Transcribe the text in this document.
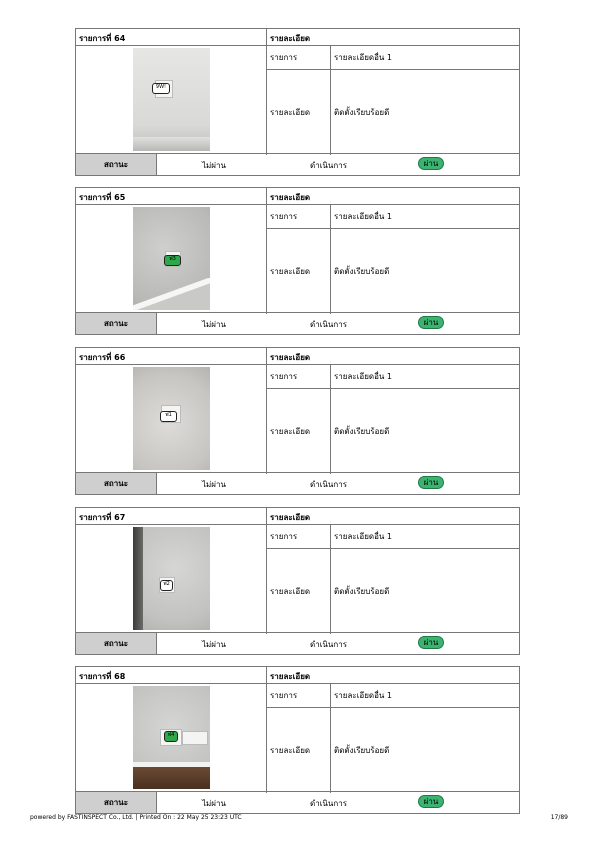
รายการที่ 64	รายละเอียด
9W!
รายการ	รายละเอียดอื่น 1
รายละเอียด	ติดตั้งเรียบร้อยดี
สถานะ	ไม่ผ่าน	ดำเนินการ	ผ่าน
รายการที่ 65	รายละเอียด
ฟ3
รายการ	รายละเอียดอื่น 1
รายละเอียด	ติดตั้งเรียบร้อยดี
สถานะ	ไม่ผ่าน	ดำเนินการ	ผ่าน
รายการที่ 66	รายละเอียด
ฟ1
รายการ	รายละเอียดอื่น 1
รายละเอียด	ติดตั้งเรียบร้อยดี
สถานะ	ไม่ผ่าน	ดำเนินการ	ผ่าน
รายการที่ 67	รายละเอียด
ฟ2
รายการ	รายละเอียดอื่น 1
รายละเอียด	ติดตั้งเรียบร้อยดี
สถานะ	ไม่ผ่าน	ดำเนินการ	ผ่าน
รายการที่ 68	รายละเอียด
ฟ4
รายการ	รายละเอียดอื่น 1
รายละเอียด	ติดตั้งเรียบร้อยดี
สถานะ	ไม่ผ่าน	ดำเนินการ	ผ่าน
powered by FASTINSPECT Co., Ltd. | Printed On : 22 May 25 23:23 UTC	17/89
